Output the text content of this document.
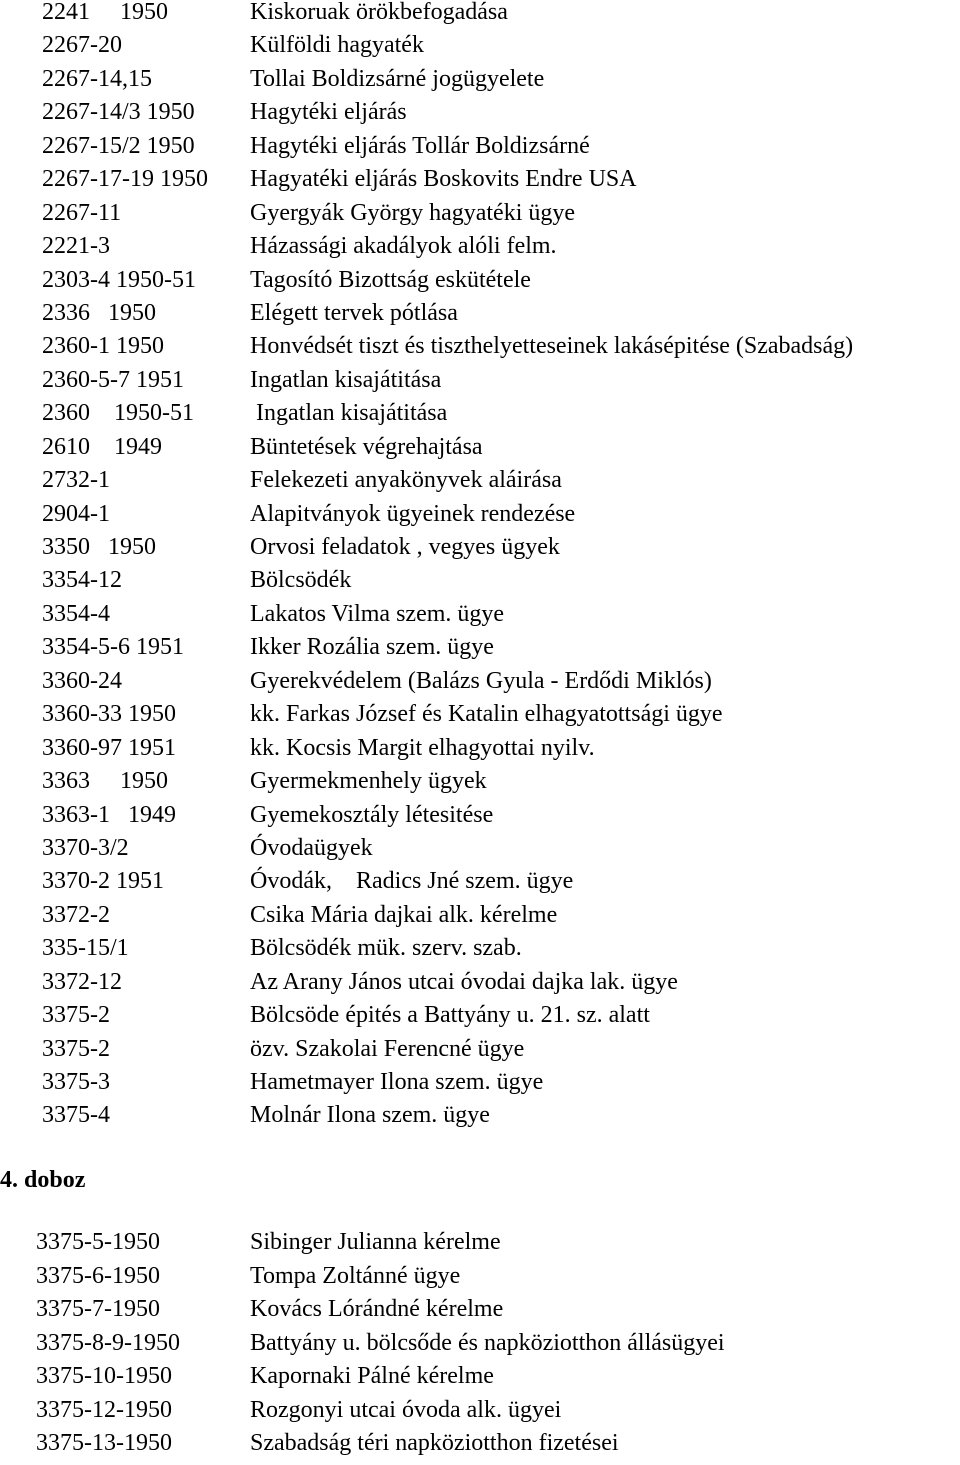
2241     1950	Kiskoruak örökbefogadása
2267-20	Külföldi hagyaték
2267-14,15	Tollai Boldizsárné jogügyelete
2267-14/3 1950 Hagytéki eljárás
2267-15/2 1950 Hagytéki eljárás Tollár Boldizsárné
2267-17-19 1950 Hagyatéki eljárás Boskovits Endre USA
2267-11	Gyergyák György hagyatéki ügye
2221-3	Házassági akadályok alóli felm.
2303-4 1950-51 Tagosító Bizottság eskütétele
2336   1950	Elégett tervek pótlása
2360-1 1950	Honvédsét tiszt és tiszthelyetteseinek lakásépitése (Szabadság)
2360-5-7 1951	Ingatlan kisajátitása
2360    1950-51 Ingatlan kisajátitása
2610    1949	Büntetések végrehajtása
2732-1	Felekezeti anyakönyvek aláirása
2904-1	Alapitványok ügyeinek rendezése
3350   1950	Orvosi feladatok , vegyes ügyek
3354-12	Bölcsödék
3354-4	Lakatos Vilma szem. ügye
3354-5-6 1951	Ikker Rozália szem. ügye
3360-24	Gyerekvédelem (Balázs Gyula - Erdődi Miklós)
3360-33 1950	kk. Farkas József és Katalin elhagyatottsági ügye
3360-97 1951	kk. Kocsis Margit elhagyottai nyilv.
3363     1950	Gyermekmenhely ügyek
3363-1   1949	Gyemekosztály létesitése
3370-3/2	Óvodaügyek
3370-2 1951	Óvodák,    Radics Jné szem. ügye
3372-2	Csika Mária dajkai alk. kérelme
335-15/1	Bölcsödék mük. szerv. szab.
3372-12	Az Arany János utcai óvodai dajka lak. ügye
3375-2	Bölcsöde épités a Battyány u. 21. sz. alatt
3375-2	özv. Szakolai Ferencné ügye
3375-3	Hametmayer Ilona szem. ügye
3375-4	Molnár Ilona szem. ügye
4. doboz
3375-5-1950	Sibinger Julianna kérelme
3375-6-1950	Tompa Zoltánné ügye
3375-7-1950	Kovács Lórándné kérelme
3375-8-9-1950	Battyány u. bölcsőde és napköziotthon állásügyei
3375-10-1950	Kapornaki Pálné kérelme
3375-12-1950	Rozgonyi utcai óvoda alk. ügyei
3375-13-1950	Szabadság téri napköziotthon fizetései
